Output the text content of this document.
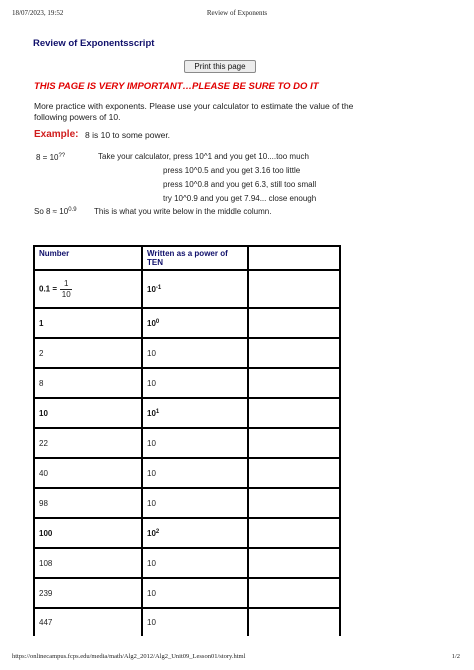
18/07/2023, 19:52	Review of Exponents
Review of Exponentsscript
Print this page
THIS PAGE IS VERY IMPORTANT…PLEASE BE SURE TO DO IT
More practice with exponents. Please use your calculator to estimate the value of the following powers of 10.
Example: 8 is 10 to some power.
8 = 10??	Take your calculator, press 10^1 and you get 10....too much
press 10^0.5 and you get 3.16 too little
press 10^0.8 and you get 6.3, still too small
try 10^0.9 and you get 7.94... close enough
So $8 \approx 10^{0.9}$ This is what you write below in the middle column.
Number	Written as a power of TEN	
$0.1 = \frac{1}{10}$	$10^{-1}$	
1	$10^0$	
2	10	
8	10	
10	$10^1$	
22	10	
40	10	
98	10	
100	$10^2$	
108	10	
239	10	
447	10	
https://onlinecampus.fcps.edu/media/math/Alg2_2012/Alg2_Unit09_Lesson01/story.html	1/2
